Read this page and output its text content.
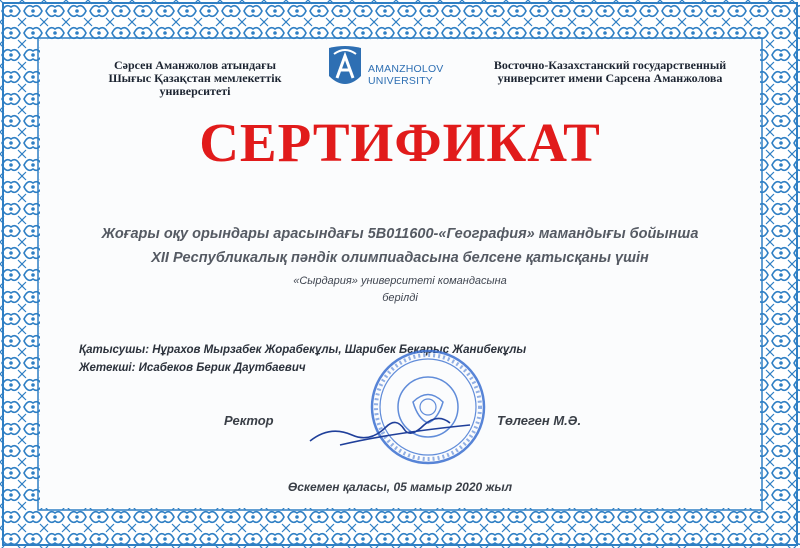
Сәрсен Аманжолов атындағы
Шығыс Қазақстан мемлекеттік университеті
AMANZHOLOV
UNIVERSITY
Восточно-Казахстанский государственный
университет имени Сарсена Аманжолова
СЕРТИФИКАТ
Жоғары оқу орындары арасындағы 5В011600-«География» мамандығы бойынша
XII Республикалық пәндік олимпиадасына белсене қатысқаны үшін
«Сырдария» университеті командасына
берілді
Қатысушы: Нұрахов Мырзабек Жорабекұлы, Шарибек Бекарыс Жанибекұлы
Жетекші: Исабеков Берик Даутбаевич
Ректор	Төлеген М.Ә.
Өскемен қаласы, 05 мамыр 2020 жыл
